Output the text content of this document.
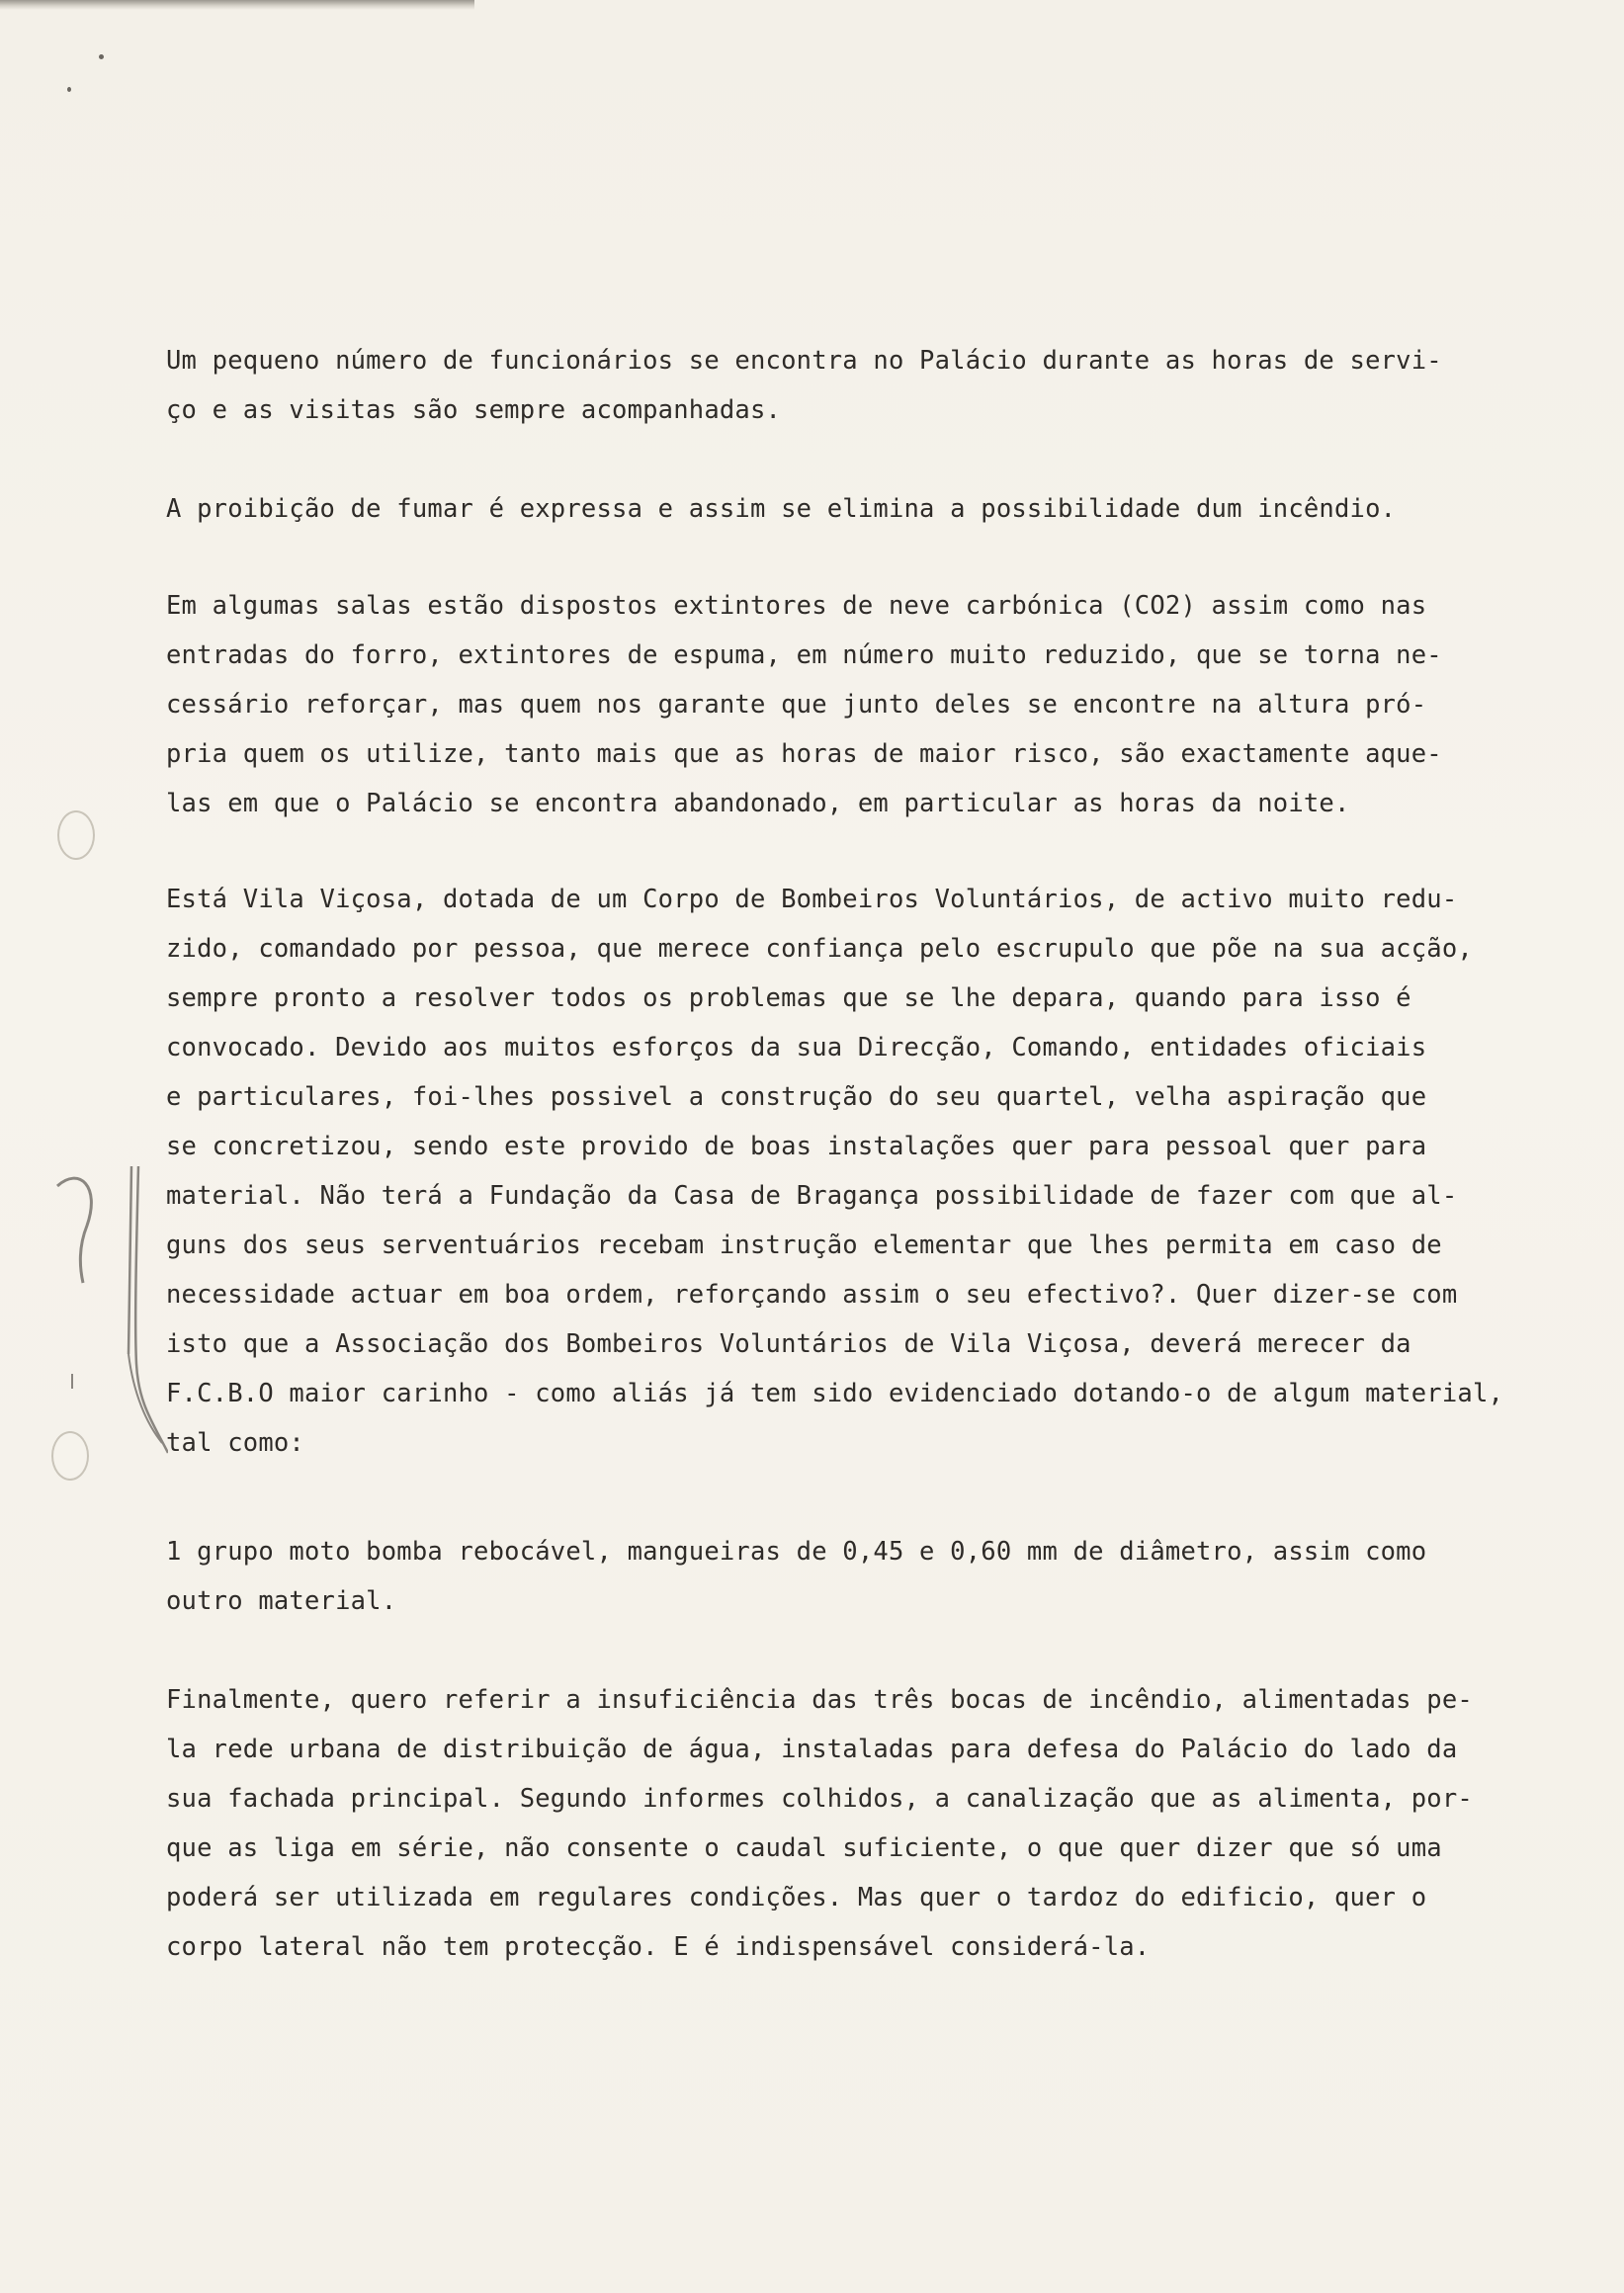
Um pequeno número de funcionários se encontra no Palácio durante as horas de servi-
ço e as visitas são sempre acompanhadas.
A proibição de fumar é expressa e assim se elimina a possibilidade dum incêndio.
Em algumas salas estão dispostos extintores de neve carbónica (CO2) assim como nas
entradas do forro, extintores de espuma, em número muito reduzido, que se torna ne-
cessário reforçar, mas quem nos garante que junto deles se encontre na altura pró-
pria quem os utilize, tanto mais que as horas de maior risco, são exactamente aque-
las em que o Palácio se encontra abandonado, em particular as horas da noite.
Está Vila Viçosa, dotada de um Corpo de Bombeiros Voluntários, de activo muito redu-
zido, comandado por pessoa, que merece confiança pelo escrupulo que põe na sua acção,
sempre pronto a resolver todos os problemas que se lhe depara, quando para isso é
convocado. Devido aos muitos esforços da sua Direcção, Comando, entidades oficiais
e particulares, foi-lhes possivel a construção do seu quartel, velha aspiração que
se concretizou, sendo este provido de boas instalações quer para pessoal quer para
material. Não terá a Fundação da Casa de Bragança possibilidade de fazer com que al-
guns dos seus serventuários recebam instrução elementar que lhes permita em caso de
necessidade actuar em boa ordem, reforçando assim o seu efectivo?. Quer dizer-se com
isto que a Associação dos Bombeiros Voluntários de Vila Viçosa, deverá merecer da
F.C.B.O maior carinho - como aliás já tem sido evidenciado dotando-o de algum material,
tal como:
1 grupo moto bomba rebocável, mangueiras de 0,45 e 0,60 mm de diâmetro, assim como
outro material.
Finalmente, quero referir a insuficiência das três bocas de incêndio, alimentadas pe-
la rede urbana de distribuição de água, instaladas para defesa do Palácio do lado da
sua fachada principal. Segundo informes colhidos, a canalização que as alimenta, por-
que as liga em série, não consente o caudal suficiente, o que quer dizer que só uma
poderá ser utilizada em regulares condições. Mas quer o tardoz do edificio, quer o
corpo lateral não tem protecção. E é indispensável considerá-la.
